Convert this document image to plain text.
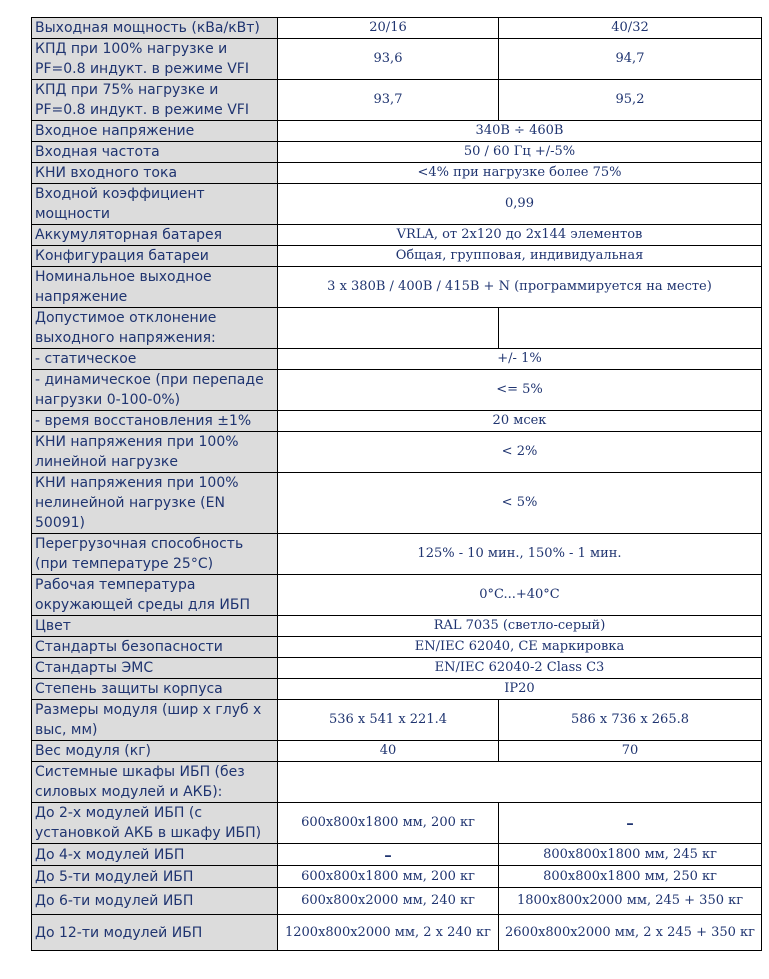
Выходная мощность (кВа/кВт)	20/16	40/32
КПД при 100% нагрузке и PF=0.8 индукт. в режиме VFI	93,6	94,7
КПД при 75% нагрузке и PF=0.8 индукт. в режиме VFI	93,7	95,2
Входное напряжение	340В ÷ 460В	
Входная частота	50 / 60 Гц +/-5%	
КНИ входного тока	<4% при нагрузке более 75%	
Входной коэффициент мощности	0,99	
Аккумуляторная батарея	VRLA, от 2x120 до 2x144 элементов	
Конфигурация батареи	Общая, групповая, индивидуальная	
Номинальное выходное напряжение	3 x 380В / 400В / 415В + N (программируется на месте)	
Допустимое отклонение выходного напряжения:		
- статическое	+/- 1%	
- динамическое (при перепаде нагрузки 0-100-0%)	<= 5%	
- время восстановления ±1%	20 мсек	
КНИ напряжения при 100% линейной нагрузке	< 2%	
КНИ напряжения при 100% нелинейной нагрузке (EN 50091)	< 5%	
Перегрузочная способность (при температуре 25°C)	125% - 10 мин., 150% - 1 мин.	
Рабочая температура окружающей среды для ИБП	0°C...+40°C	
Цвет	RAL 7035 (светло-серый)	
Стандарты безопасности	EN/IEC 62040, CE маркировка	
Стандарты ЭМС	EN/IEC 62040-2 Class C3	
Степень защиты корпуса	IP20	
Размеры модуля (шир х глуб х выс, мм)	536 x 541 x 221.4	586 x 736 x 265.8
Вес модуля (кг)	40	70
Системные шкафы ИБП (без силовых модулей и АКБ):		
До 2-х модулей ИБП (с установкой АКБ в шкафу ИБП)	600x800x1800 мм, 200 кг	–
До 4-х модулей ИБП	–	800x800x1800 мм, 245 кг
До 5-ти модулей ИБП	600x800x1800 мм, 200 кг	800x800x1800 мм, 250 кг
До 6-ти модулей ИБП	600x800x2000 мм, 240 кг	1800x800x2000 мм, 245 + 350 кг
До 12-ти модулей ИБП	1200x800x2000 мм, 2 х 240 кг	2600x800x2000 мм, 2 х 245 + 350 кг
